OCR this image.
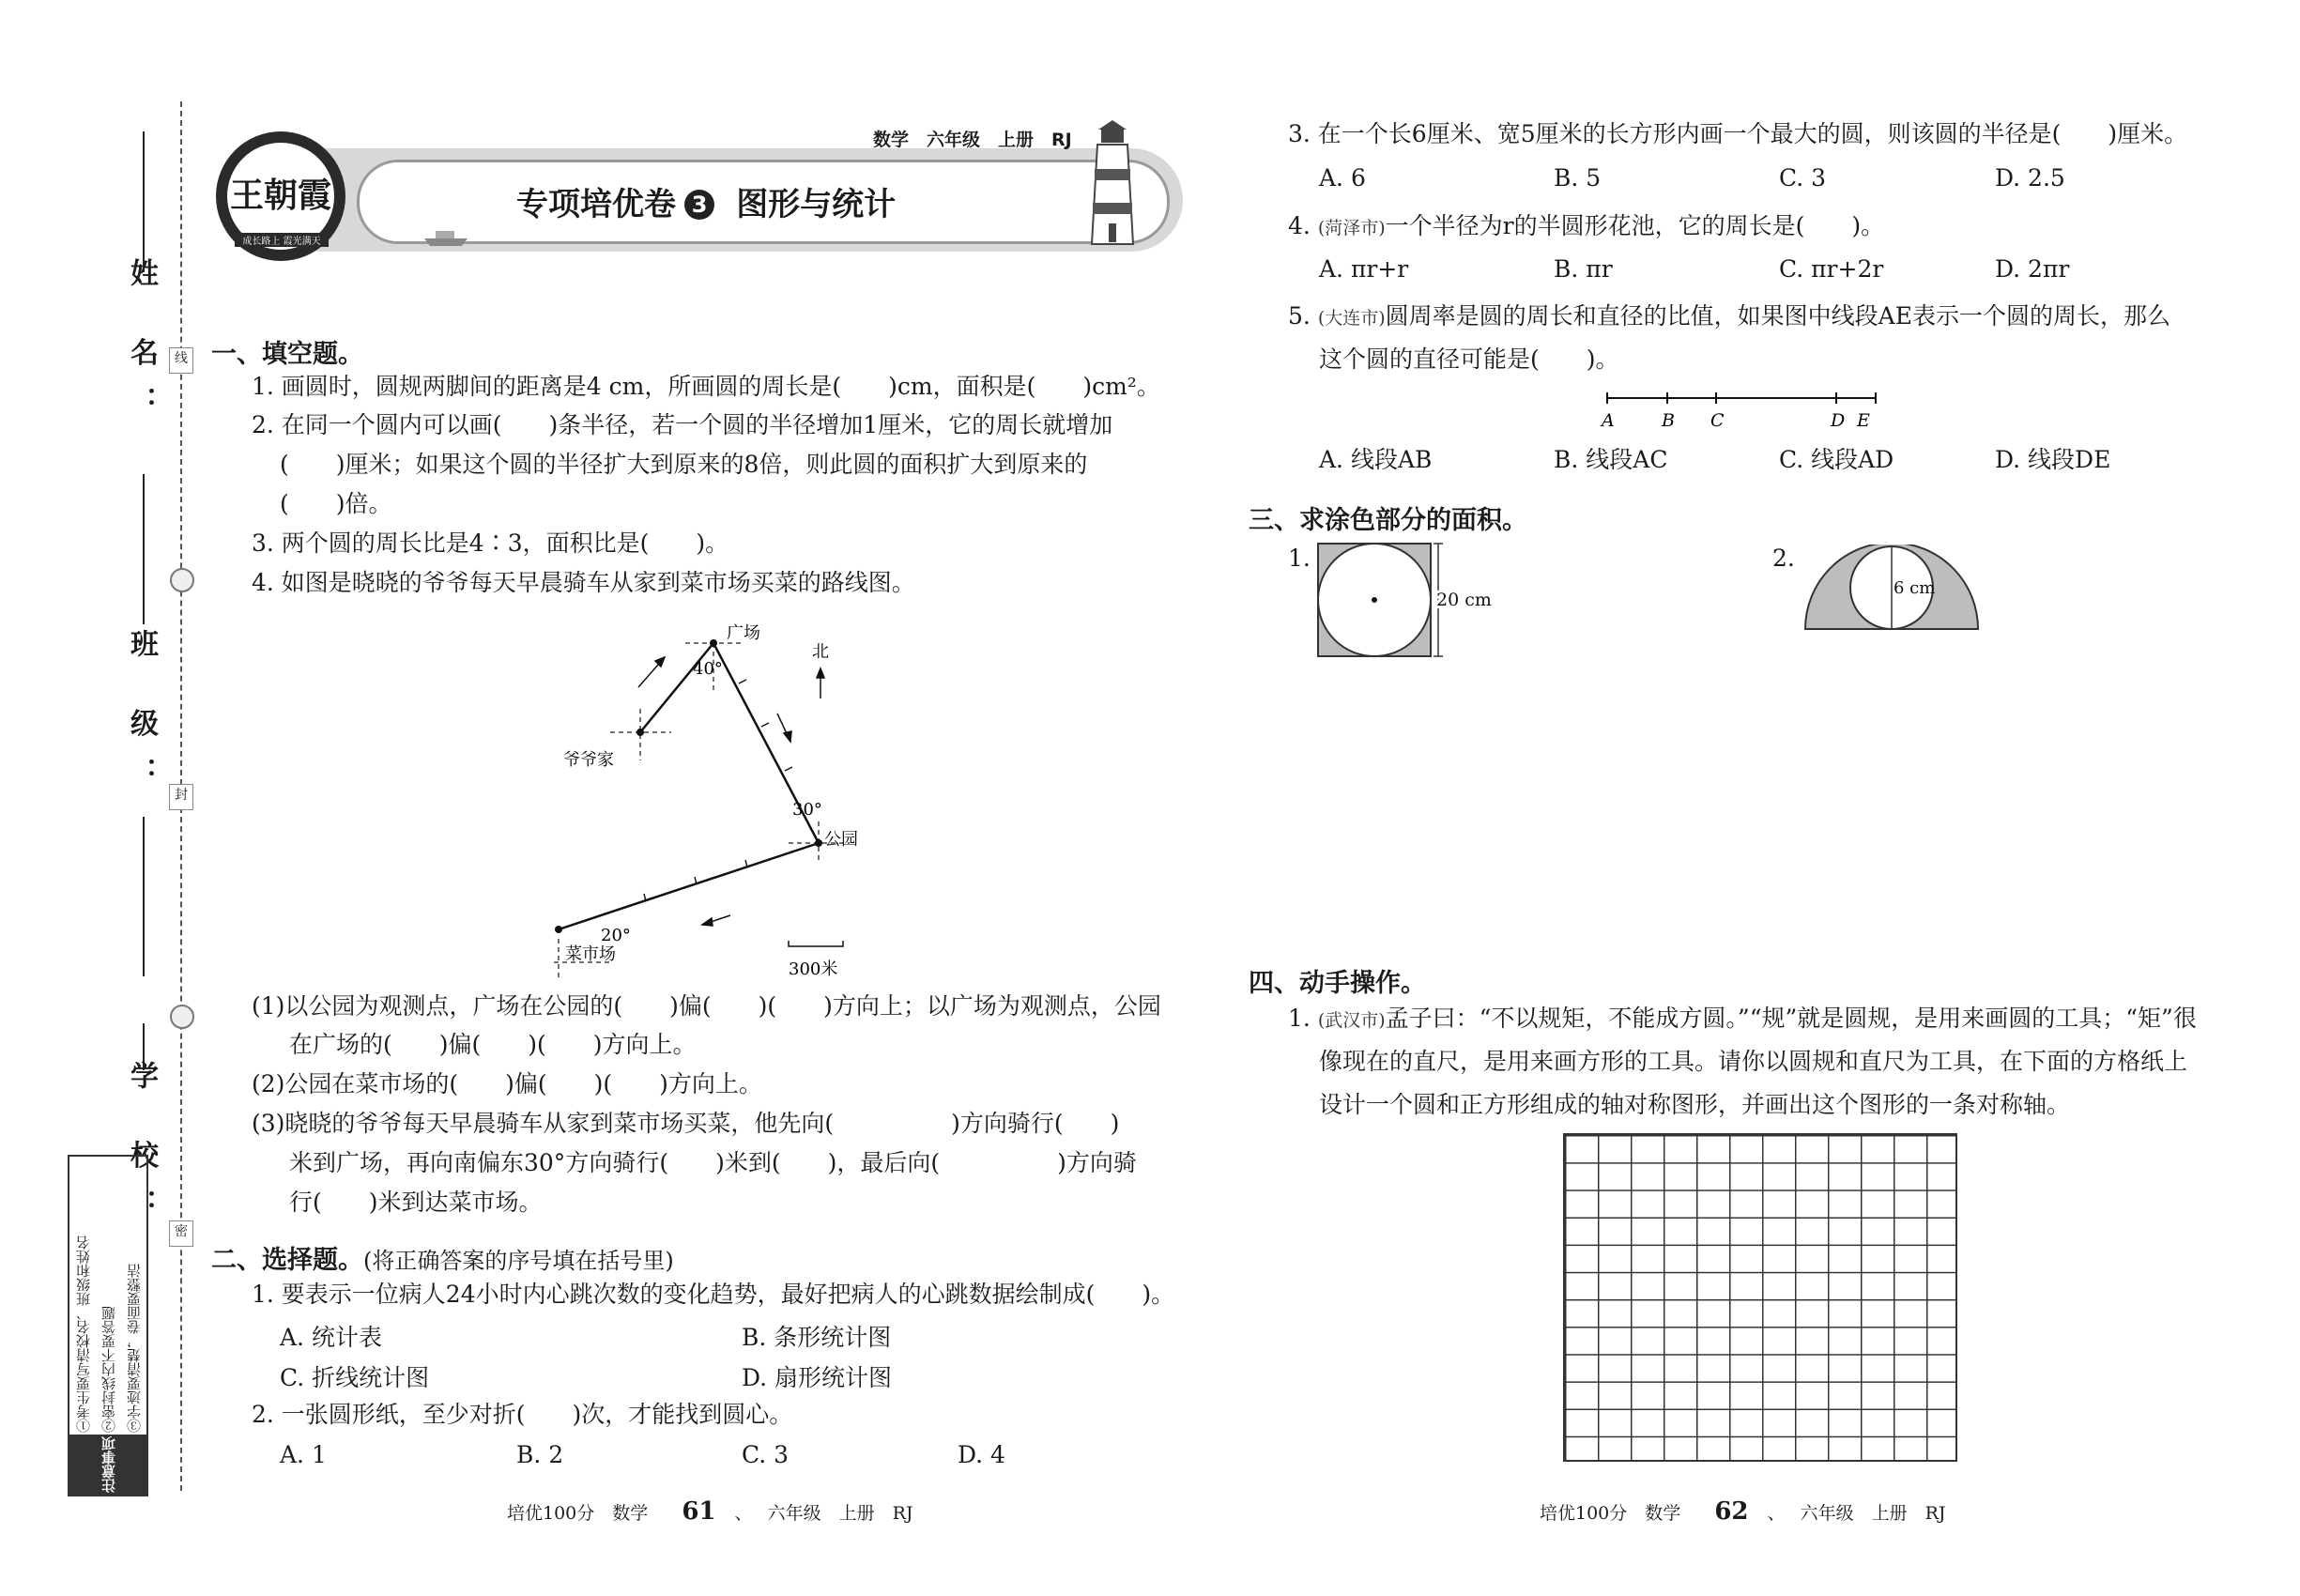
姓 名：
班 级：
学 校：
线
封
密
注意事项
①考生要写清校名、班级和姓名 ②密封线内不要答题 ③字迹要清楚，卷面要整洁
王朝霞
成长路上 霞光满天
数学　六年级　上册　RJ
专项培优卷 3 图形与统计
一、填空题。
1. 画圆时，圆规两脚间的距离是4 cm，所画圆的周长是(　　)cm，面积是(　　)cm²。
2. 在同一个圆内可以画(　　)条半径，若一个圆的半径增加1厘米，它的周长就增加
(　　)厘米；如果这个圆的半径扩大到原来的8倍，则此圆的面积扩大到原来的
(　　)倍。
3. 两个圆的周长比是4∶3，面积比是(　　)。
4. 如图是晓晓的爷爷每天早晨骑车从家到菜市场买菜的路线图。
广场
爷爷家
公园
菜市场
北
40°
30°
20°
300米
(1)以公园为观测点，广场在公园的(　　)偏(　　)(　　)方向上；以广场为观测点，公园
在广场的(　　)偏(　　)(　　)方向上。
(2)公园在菜市场的(　　)偏(　　)(　　)方向上。
(3)晓晓的爷爷每天早晨骑车从家到菜市场买菜，他先向(　　　　　)方向骑行(　　)
米到广场，再向南偏东30°方向骑行(　　)米到(　　)，最后向(　　　　　)方向骑
行(　　)米到达菜市场。
二、选择题。(将正确答案的序号填在括号里)
1. 要表示一位病人24小时内心跳次数的变化趋势，最好把病人的心跳数据绘制成(　　)。
A. 统计表	B. 条形统计图
C. 折线统计图	D. 扇形统计图
2. 一张圆形纸，至少对折(　　)次，才能找到圆心。
A. 1	B. 2	C. 3	D. 4
培优100分　数学 61 、 六年级　上册　RJ
3. 在一个长6厘米、宽5厘米的长方形内画一个最大的圆，则该圆的半径是(　　)厘米。
A. 6	B. 5	C. 3	D. 2.5
4. (菏泽市)一个半径为r的半圆形花池，它的周长是(　　)。
A. πr+r	B. πr	C. πr+2r	D. 2πr
5. (大连市)圆周率是圆的周长和直径的比值，如果图中线段AE表示一个圆的周长，那么
这个圆的直径可能是(　　)。
A	B C	D E
A. 线段AB	B. 线段AC	C. 线段AD	D. 线段DE
三、求涂色部分的面积。
1.
20 cm
2.
6 cm
四、动手操作。
1. (武汉市)孟子曰：“不以规矩，不能成方圆。”“规”就是圆规，是用来画圆的工具；“矩”很
像现在的直尺，是用来画方形的工具。请你以圆规和直尺为工具，在下面的方格纸上
设计一个圆和正方形组成的轴对称图形，并画出这个图形的一条对称轴。
培优100分　数学 62 、 六年级　上册　RJ
